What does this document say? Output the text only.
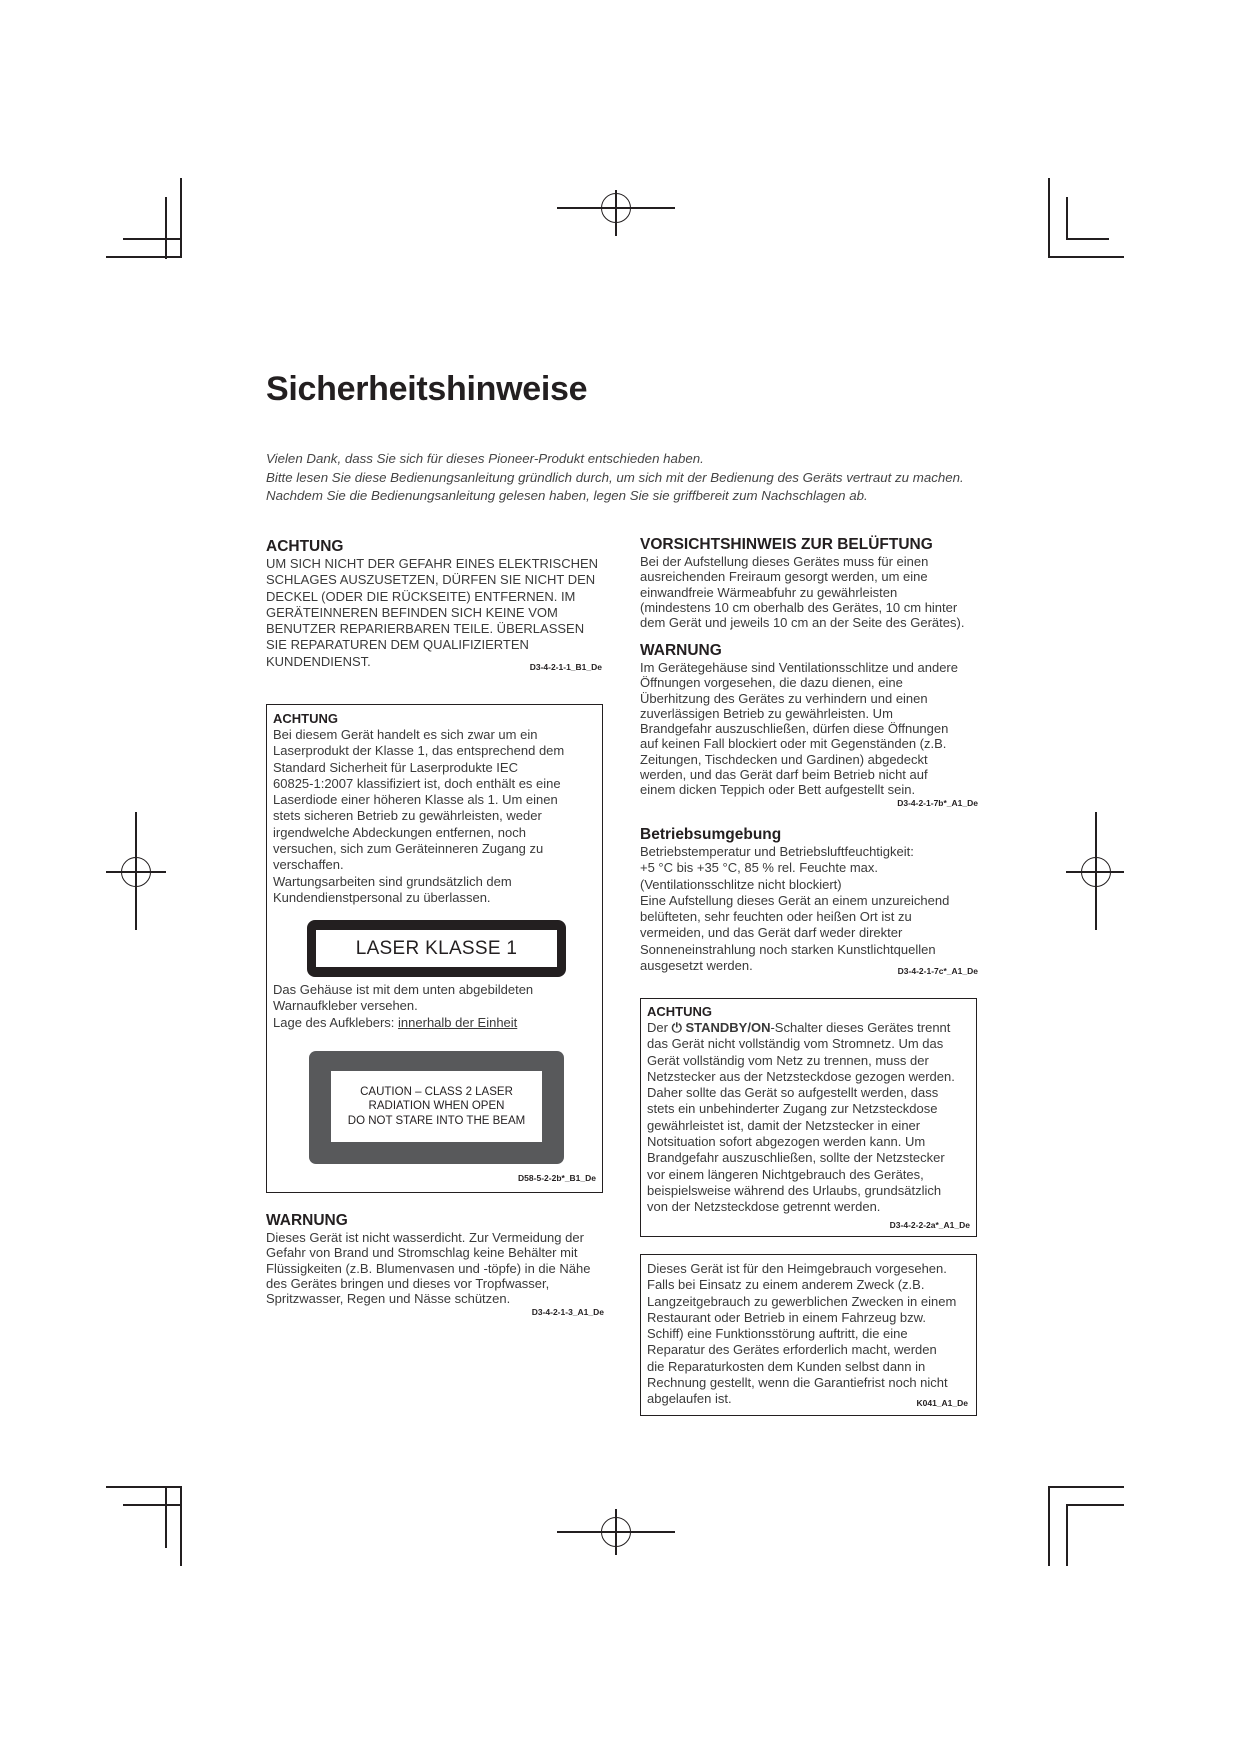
Sicherheitshinweise
Vielen Dank, dass Sie sich für dieses Pioneer-Produkt entschieden haben.
Bitte lesen Sie diese Bedienungsanleitung gründlich durch, um sich mit der Bedienung des Geräts vertraut zu machen.
Nachdem Sie die Bedienungsanleitung gelesen haben, legen Sie sie griffbereit zum Nachschlagen ab.
ACHTUNG
UM SICH NICHT DER GEFAHR EINES ELEKTRISCHEN
SCHLAGES AUSZUSETZEN, DÜRFEN SIE NICHT DEN
DECKEL (ODER DIE RÜCKSEITE) ENTFERNEN. IM
GERÄTEINNEREN BEFINDEN SICH KEINE VOM
BENUTZER REPARIERBAREN TEILE. ÜBERLASSEN
SIE REPARATUREN DEM QUALIFIZIERTEN
KUNDENDIENST.	D3-4-2-1-1_B1_De
ACHTUNG
Bei diesem Gerät handelt es sich zwar um ein
Laserprodukt der Klasse 1, das entsprechend dem
Standard Sicherheit für Laserprodukte IEC
60825-1:2007 klassifiziert ist, doch enthält es eine
Laserdiode einer höheren Klasse als 1. Um einen
stets sicheren Betrieb zu gewährleisten, weder
irgendwelche Abdeckungen entfernen, noch
versuchen, sich zum Geräteinneren Zugang zu
verschaffen.
Wartungsarbeiten sind grundsätzlich dem
Kundendienstpersonal zu überlassen.
Das Gehäuse ist mit dem unten abgebildeten
Warnaufkleber versehen.
Lage des Aufklebers: innerhalb der Einheit
D58-5-2-2b*_B1_De
LASER KLASSE 1
CAUTION – CLASS 2 LASER
RADIATION WHEN OPEN
DO NOT STARE INTO THE BEAM
WARNUNG
Dieses Gerät ist nicht wasserdicht. Zur Vermeidung der
Gefahr von Brand und Stromschlag keine Behälter mit
Flüssigkeiten (z.B. Blumenvasen und -töpfe) in die Nähe
des Gerätes bringen und dieses vor Tropfwasser,
Spritzwasser, Regen und Nässe schützen.
D3-4-2-1-3_A1_De
VORSICHTSHINWEIS ZUR BELÜFTUNG
Bei der Aufstellung dieses Gerätes muss für einen
ausreichenden Freiraum gesorgt werden, um eine
einwandfreie Wärmeabfuhr zu gewährleisten
(mindestens 10 cm oberhalb des Gerätes, 10 cm hinter
dem Gerät und jeweils 10 cm an der Seite des Gerätes).
WARNUNG
Im Gerätegehäuse sind Ventilationsschlitze und andere
Öffnungen vorgesehen, die dazu dienen, eine
Überhitzung des Gerätes zu verhindern und einen
zuverlässigen Betrieb zu gewährleisten. Um
Brandgefahr auszuschließen, dürfen diese Öffnungen
auf keinen Fall blockiert oder mit Gegenständen (z.B.
Zeitungen, Tischdecken und Gardinen) abgedeckt
werden, und das Gerät darf beim Betrieb nicht auf
einem dicken Teppich oder Bett aufgestellt sein.
D3-4-2-1-7b*_A1_De
Betriebsumgebung
Betriebstemperatur und Betriebsluftfeuchtigkeit:
+5 °C bis +35 °C, 85 % rel. Feuchte max.
(Ventilationsschlitze nicht blockiert)
Eine Aufstellung dieses Gerät an einem unzureichend
belüfteten, sehr feuchten oder heißen Ort ist zu
vermeiden, und das Gerät darf weder direkter
Sonneneinstrahlung noch starken Kunstlichtquellen
ausgesetzt werden.	D3-4-2-1-7c*_A1_De
ACHTUNG
Der ⏻ STANDBY/ON-Schalter dieses Gerätes trennt
das Gerät nicht vollständig vom Stromnetz. Um das
Gerät vollständig vom Netz zu trennen, muss der
Netzstecker aus der Netzsteckdose gezogen werden.
Daher sollte das Gerät so aufgestellt werden, dass
stets ein unbehinderter Zugang zur Netzsteckdose
gewährleistet ist, damit der Netzstecker in einer
Notsituation sofort abgezogen werden kann. Um
Brandgefahr auszuschließen, sollte der Netzstecker
vor einem längeren Nichtgebrauch des Gerätes,
beispielsweise während des Urlaubs, grundsätzlich
von der Netzsteckdose getrennt werden.
D3-4-2-2-2a*_A1_De
Dieses Gerät ist für den Heimgebrauch vorgesehen.
Falls bei Einsatz zu einem anderem Zweck (z.B.
Langzeitgebrauch zu gewerblichen Zwecken in einem
Restaurant oder Betrieb in einem Fahrzeug bzw.
Schiff) eine Funktionsstörung auftritt, die eine
Reparatur des Gerätes erforderlich macht, werden
die Reparaturkosten dem Kunden selbst dann in
Rechnung gestellt, wenn die Garantiefrist noch nicht
abgelaufen ist.	K041_A1_De
